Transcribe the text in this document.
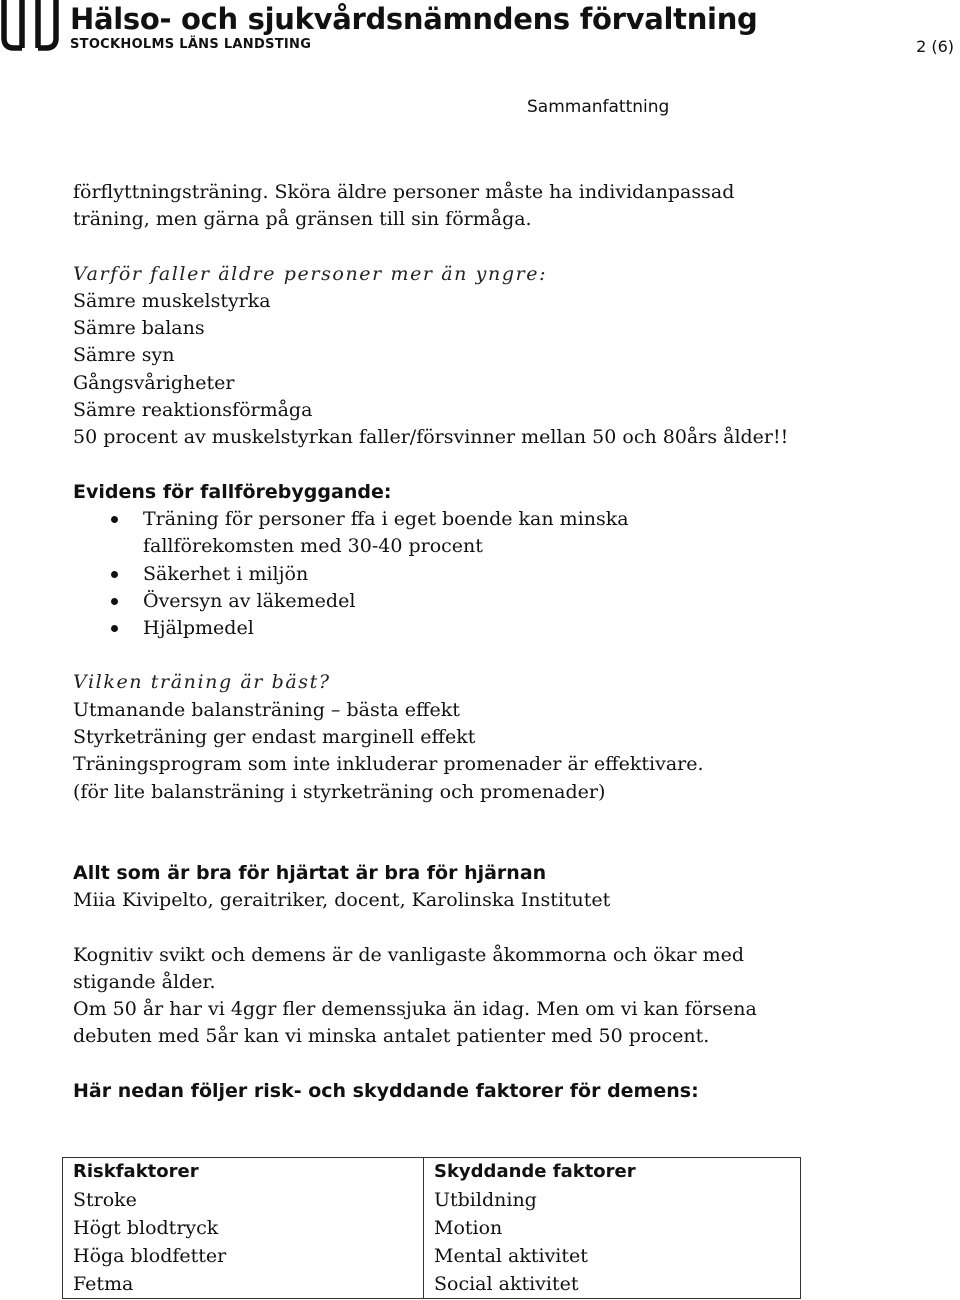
Hälso- och sjukvårdsnämndens förvaltning
STOCKHOLMS LÄNS LANDSTING	2 (6)
Sammanfattning

förflyttningsträning. Sköra äldre personer måste ha individanpassad

träning, men gärna på gränsen till sin förmåga.

Varför faller äldre personer mer än yngre:

Sämre muskelstyrka
Sämre balans
Sämre syn
Gångsvårigheter
Sämre reaktionsförmåga

50 procent av muskelstyrkan faller/försvinner mellan 50 och 80års ålder!!

Evidens för fallförebyggande:

Träning för personer ffa i eget boende kan minska fallförekomsten med 30-40 procent
Säkerhet i miljön
Översyn av läkemedel
Hjälpmedel

Vilken träning är bäst?

Utmanande balansträning – bästa effekt

Styrketräning ger endast marginell effekt

Träningsprogram som inte inkluderar promenader är effektivare.

(för lite balansträning i styrketräning och promenader)

Allt som är bra för hjärtat är bra för hjärnan

Miia Kivipelto, geraitriker, docent, Karolinska Institutet

Kognitiv svikt och demens är de vanligaste åkommorna och ökar med stigande ålder.

Om 50 år har vi 4ggr fler demenssjuka än idag. Men om vi kan försena debuten med 5år kan vi minska antalet patienter med 50 procent.

Här nedan följer risk- och skyddande faktorer för demens:

Riskfaktorer	Skyddande faktorer
Stroke	Utbildning
Högt blodtryck	Motion
Höga blodfetter	Mental aktivitet
Fetma	Social aktivitet
